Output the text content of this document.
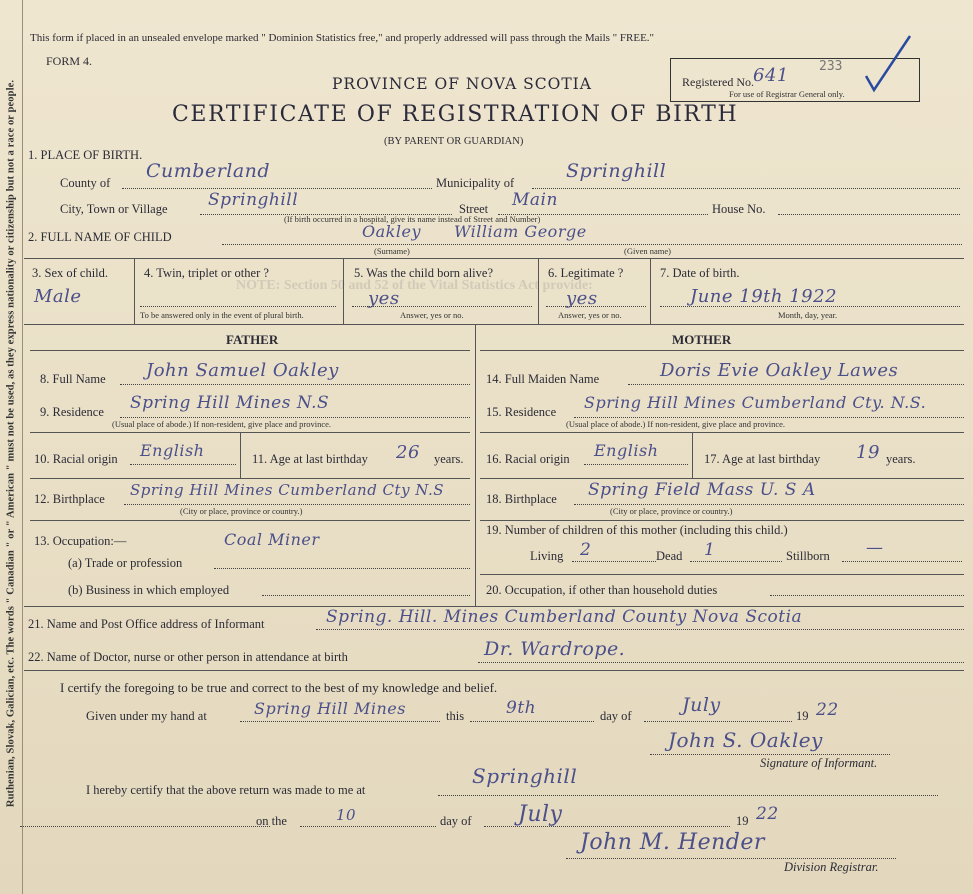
Ruthenian, Slovak, Galician, etc. The words " Canadian " or " American " must not be used, as they express nationality or citizenship but not a race or people.	NOTE: Section 50 and 52 of the Vital Statistics Act provide:
This form if placed in an unsealed envelope marked " Dominion Statistics free," and properly addressed will pass through the Mails " FREE."
FORM 4.
PROVINCE OF NOVA SCOTIA
CERTIFICATE OF REGISTRATION OF BIRTH
(BY PARENT OR GUARDIAN)
Registered No. 641 233
For use of Registrar General only.
1. PLACE OF BIRTH.
County of
Cumberland
Municipality of
Springhill
City, Town or Village Springhill	Street Main	House No.
(If birth occurred in a hospital, give its name instead of Street and Number)
2. FULL NAME OF CHILD	Oakley William George
(Surname)	(Given name)
3. Sex of child.
Male
4. Twin, triplet or other ?
To be answered only in the event of plural birth.
5. Was the child born alive?
yes
Answer, yes or no.
6. Legitimate ?
yes
Answer, yes or no.
7. Date of birth.
June 19th 1922
Month, day, year.
FATHER	MOTHER
8. Full Name John Samuel Oakley
9. Residence Spring Hill Mines N.S
(Usual place of abode.) If non-resident, give place and province.
10. Racial origin English	11. Age at last birthday 26 years.
12. Birthplace Spring Hill Mines Cumberland Cty N.S
(City or place, province or country.)
13. Occupation:—	Coal Miner
(a) Trade or profession
(b) Business in which employed
14. Full Maiden Name	Doris Evie Oakley Lawes
15. Residence Spring Hill Mines Cumberland Cty. N.S.
(Usual place of abode.) If non-resident, give place and province.
16. Racial origin English	17. Age at last birthday 19 years.
18. Birthplace Spring Field Mass U. S A
(City or place, province or country.)
19. Number of children of this mother (including this child.)
Living 2	Dead 1	Stillborn —
20. Occupation, if other than household duties
21. Name and Post Office address of Informant	Spring. Hill. Mines Cumberland County Nova Scotia
22. Name of Doctor, nurse or other person in attendance at birth	Dr. Wardrope.
I certify the foregoing to be true and correct to the best of my knowledge and belief.
Given under my hand at	Spring Hill Mines	this 9th	day of	July	19 22
John S. Oakley
Signature of Informant.
I hereby certify that the above return was made to me at
Springhill
on the	10	day of July	19 22
John M. Hender
Division Registrar.
